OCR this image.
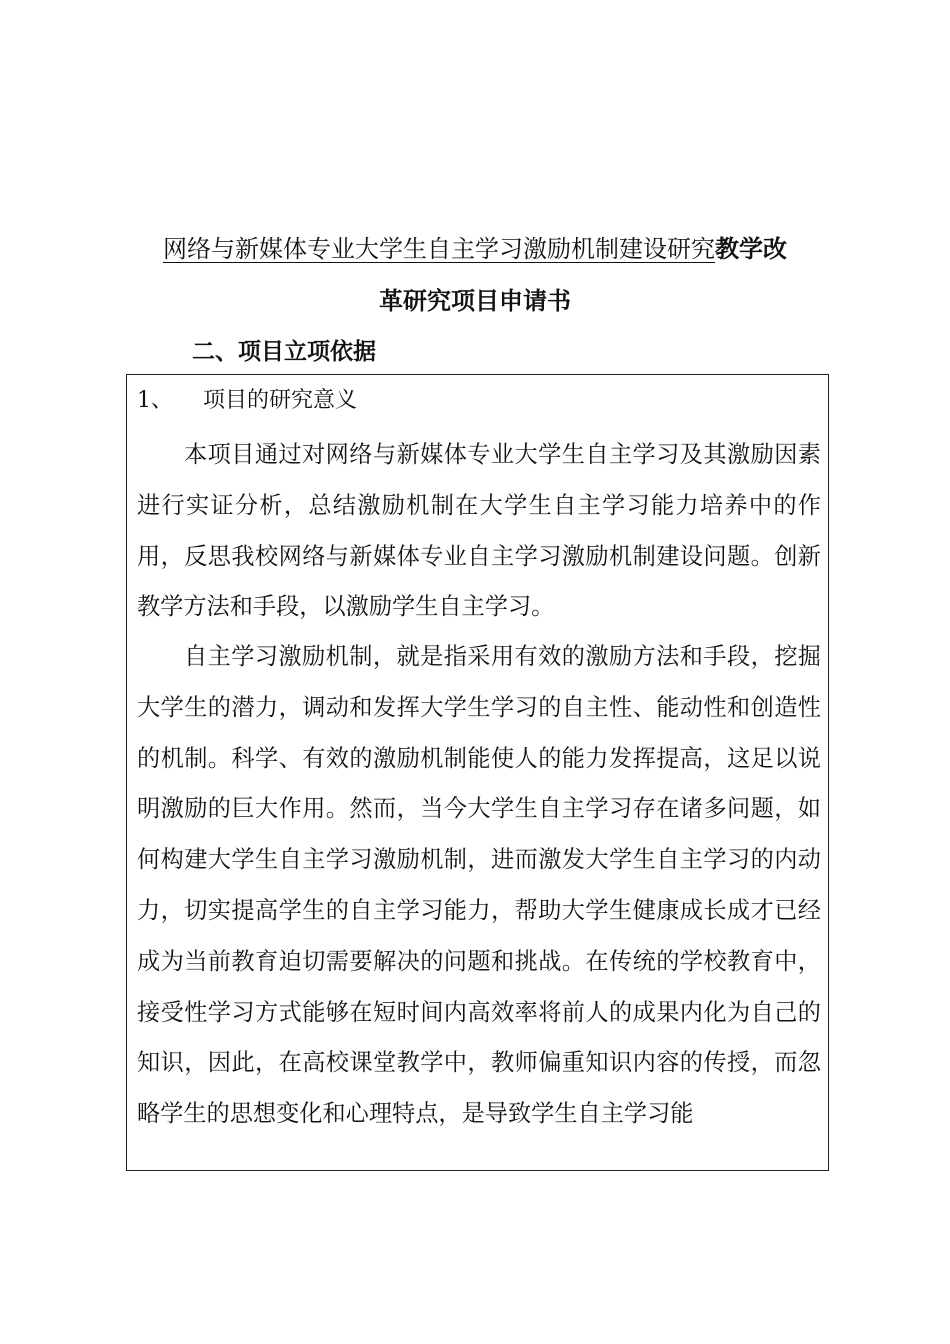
网络与新媒体专业大学生自主学习激励机制建设研究教学改
革研究项目申请书
二、项目立项依据
1、 项目的研究意义

本项目通过对网络与新媒体专业大学生自主学习及其激励因素进行实证分析，总结激励机制在大学生自主学习能力培养中的作用，反思我校网络与新媒体专业自主学习激励机制建设问题。创新教学方法和手段，以激励学生自主学习。

自主学习激励机制，就是指采用有效的激励方法和手段，挖掘大学生的潜力，调动和发挥大学生学习的自主性、能动性和创造性的机制。科学、有效的激励机制能使人的能力发挥提高，这足以说明激励的巨大作用。然而，当今大学生自主学习存在诸多问题，如何构建大学生自主学习激励机制，进而激发大学生自主学习的内动力，切实提高学生的自主学习能力，帮助大学生健康成长成才已经成为当前教育迫切需要解决的问题和挑战。在传统的学校教育中，接受性学习方式能够在短时间内高效率将前人的成果内化为自己的知识，因此，在高校课堂教学中，教师偏重知识内容的传授，而忽略学生的思想变化和心理特点，是导致学生自主学习能
